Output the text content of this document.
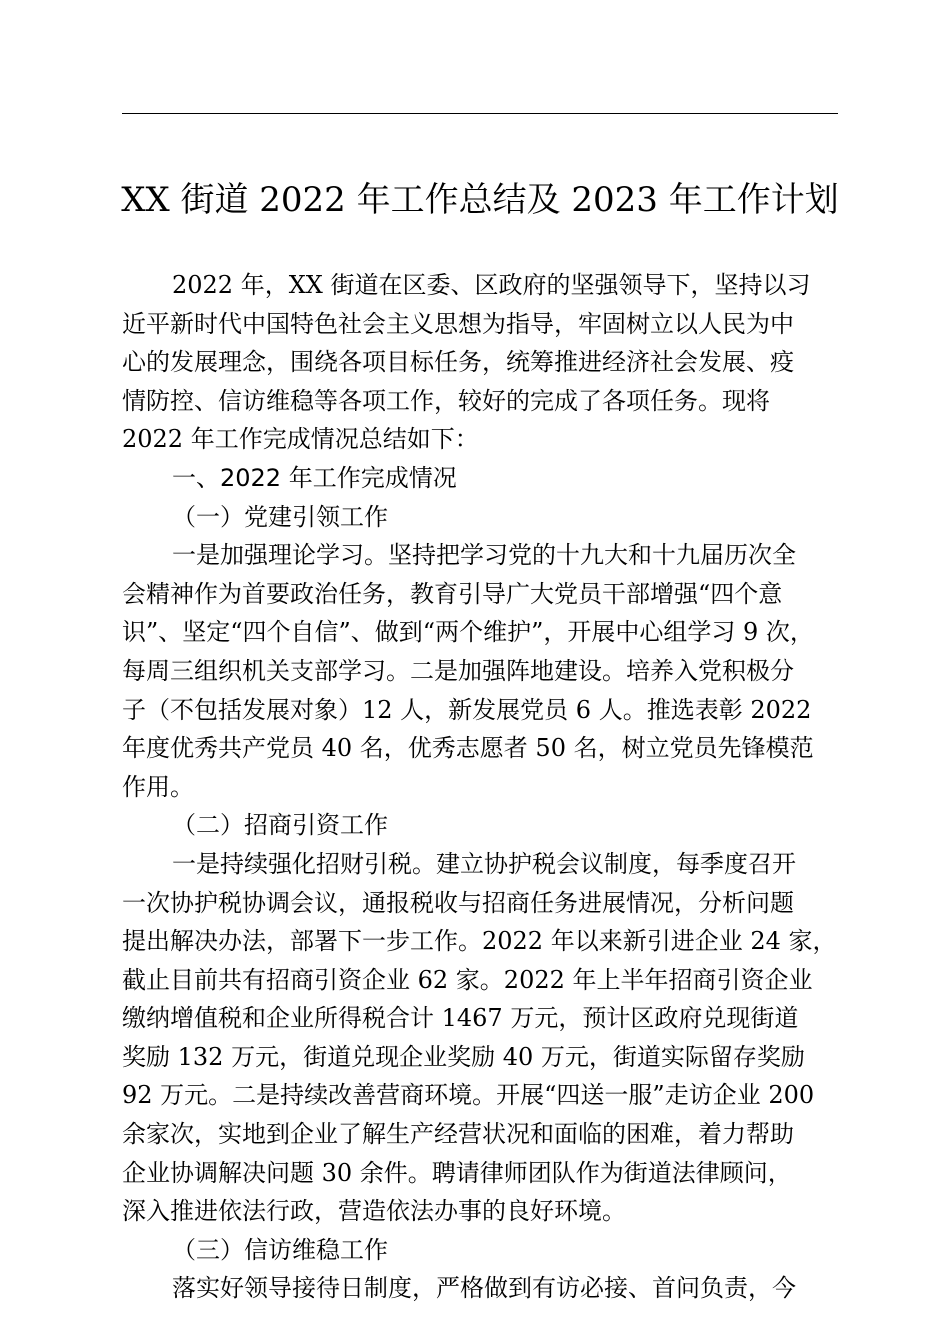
XX 街道 2022 年工作总结及 2023 年工作计划
2022 年，XX 街道在区委、区政府的坚强领导下，坚持以习
近平新时代中国特色社会主义思想为指导，牢固树立以人民为中
心的发展理念，围绕各项目标任务，统筹推进经济社会发展、疫
情防控、信访维稳等各项工作，较好的完成了各项任务。现将
2022 年工作完成情况总结如下：
一、2022 年工作完成情况
（一）党建引领工作
一是加强理论学习。坚持把学习党的十九大和十九届历次全
会精神作为首要政治任务，教育引导广大党员干部增强“四个意
识”、坚定“四个自信”、做到“两个维护”，开展中心组学习 9 次，
每周三组织机关支部学习。二是加强阵地建设。培养入党积极分
子（不包括发展对象）12 人，新发展党员 6 人。推选表彰 2022
年度优秀共产党员 40 名，优秀志愿者 50 名，树立党员先锋模范
作用。
（二）招商引资工作
一是持续强化招财引税。建立协护税会议制度，每季度召开
一次协护税协调会议，通报税收与招商任务进展情况，分析问题
提出解决办法，部署下一步工作。2022 年以来新引进企业 24 家，
截止目前共有招商引资企业 62 家。2022 年上半年招商引资企业
缴纳增值税和企业所得税合计 1467 万元，预计区政府兑现街道
奖励 132 万元，街道兑现企业奖励 40 万元，街道实际留存奖励
92 万元。二是持续改善营商环境。开展“四送一服”走访企业 200
余家次，实地到企业了解生产经营状况和面临的困难，着力帮助
企业协调解决问题 30 余件。聘请律师团队作为街道法律顾问，
深入推进依法行政，营造依法办事的良好环境。
（三）信访维稳工作
落实好领导接待日制度，严格做到有访必接、首问负责，今
